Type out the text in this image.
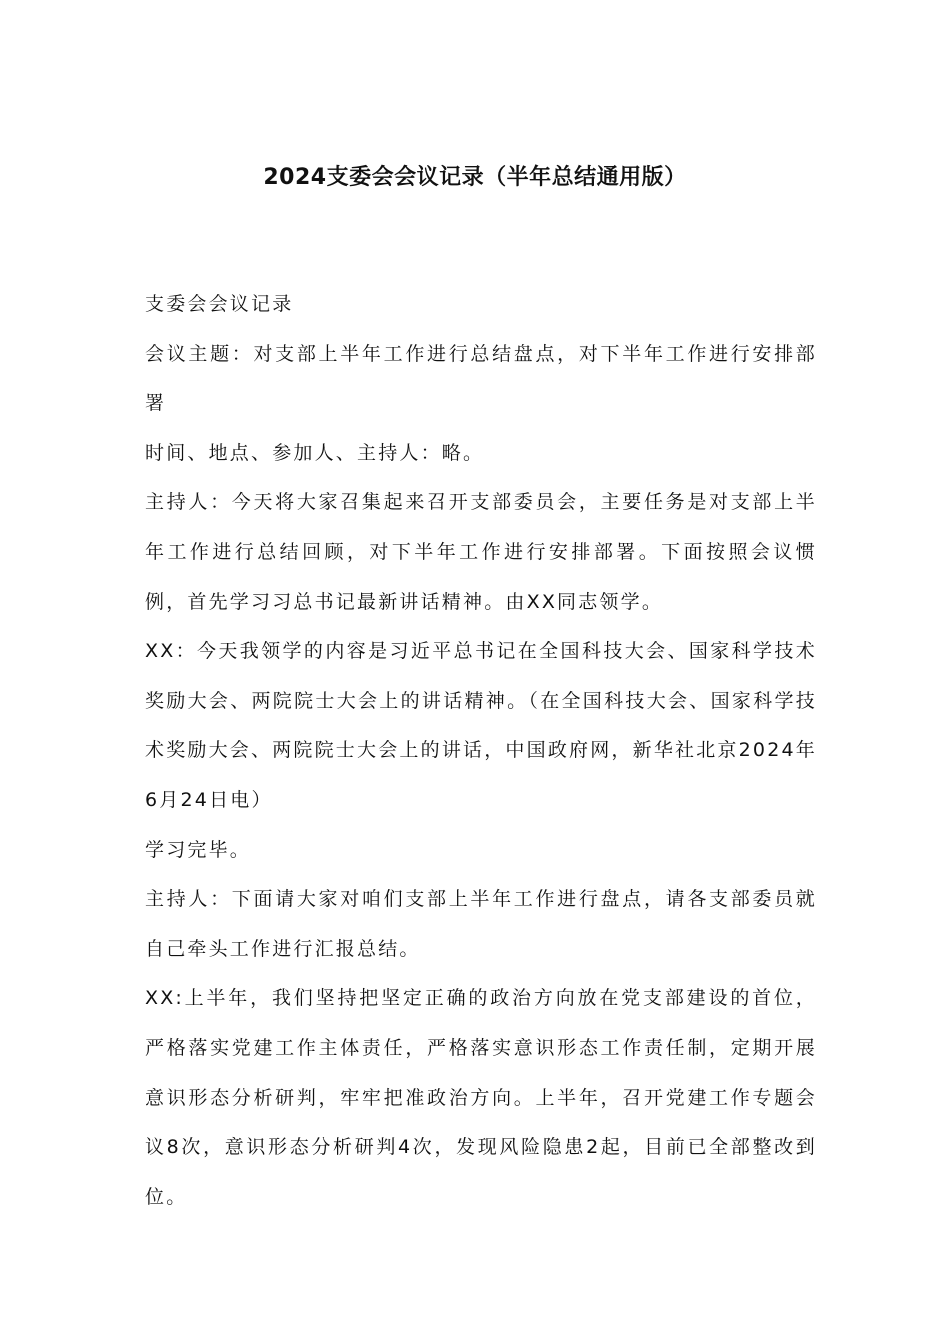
2024支委会会议记录（半年总结通用版）

支委会会议记录

会议主题：对支部上半年工作进行总结盘点，对下半年工作进行安排部署

时间、地点、参加人、主持人：略。

主持人：今天将大家召集起来召开支部委员会，主要任务是对支部上半年工作进行总结回顾，对下半年工作进行安排部署。下面按照会议惯例，首先学习习总书记最新讲话精神。由XX同志领学。

XX：今天我领学的内容是习近平总书记在全国科技大会、国家科学技术奖励大会、两院院士大会上的讲话精神。（在全国科技大会、国家科学技术奖励大会、两院院士大会上的讲话，中国政府网，新华社北京2024年6月24日电）

学习完毕。

主持人：下面请大家对咱们支部上半年工作进行盘点，请各支部委员就自己牵头工作进行汇报总结。

XX:上半年，我们坚持把坚定正确的政治方向放在党支部建设的首位，严格落实党建工作主体责任，严格落实意识形态工作责任制，定期开展意识形态分析研判，牢牢把准政治方向。上半年，召开党建工作专题会议8次，意识形态分析研判4次，发现风险隐患2起，目前已全部整改到位。
